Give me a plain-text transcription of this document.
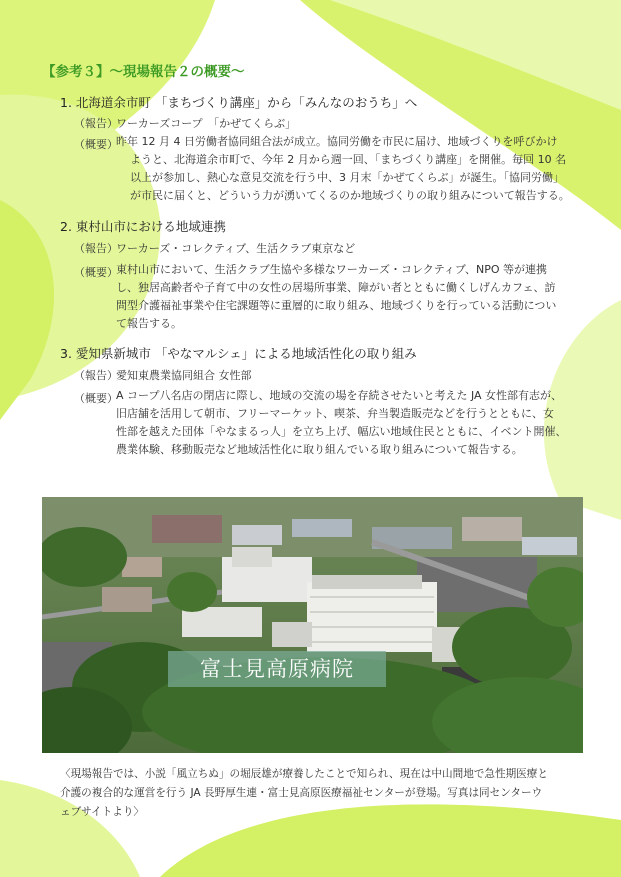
【参考３】～現場報告２の概要～
1. 北海道余市町 「まちづくり講座」から「みんなのおうち」へ
（報告）
ワーカーズコープ　「かぜてくらぶ」
（概要）
昨年 12 月 4 日労働者協同組合法が成立。協同労働を市民に届け、地域づくりを呼びかけ
ようと、北海道余市町で、今年 2 月から週一回、「まちづくり講座」を開催。毎回 10 名
以上が参加し、熱心な意見交流を行う中、3 月末「かぜてくらぶ」が誕生。「協同労働」
が市民に届くと、どういう力が湧いてくるのか地域づくりの取り組みについて報告する。
2. 東村山市における地域連携
（報告）
ワーカーズ・コレクティブ、生活クラブ東京など
（概要）
東村山市において、生活クラブ生協や多様なワーカーズ・コレクティブ、NPO 等が連携
し、独居高齢者や子育て中の女性の居場所事業、障がい者とともに働くしげんカフェ、訪
問型介護福祉事業や住宅課題等に重層的に取り組み、地域づくりを行っている活動につい
て報告する。
3. 愛知県新城市 「やなマルシェ」による地域活性化の取り組み
（報告）
愛知東農業協同組合 女性部
（概要）
A コープ八名店の閉店に際し、地域の交流の場を存続させたいと考えた JA 女性部有志が、
旧店舗を活用して朝市、フリーマーケット、喫茶、弁当製造販売などを行うとともに、女
性部を越えた団体「やなまるっ人」を立ち上げ、幅広い地域住民とともに、イベント開催、
農業体験、移動販売など地域活性化に取り組んでいる取り組みについて報告する。
富士見高原病院
〈現場報告では、小説「風立ちぬ」の堀辰雄が療養したことで知られ、現在は中山間地で急性期医療と
介護の複合的な運営を行う JA 長野厚生連・富士見高原医療福祉センターが登場。写真は同センターウ
ェブサイトより〉
